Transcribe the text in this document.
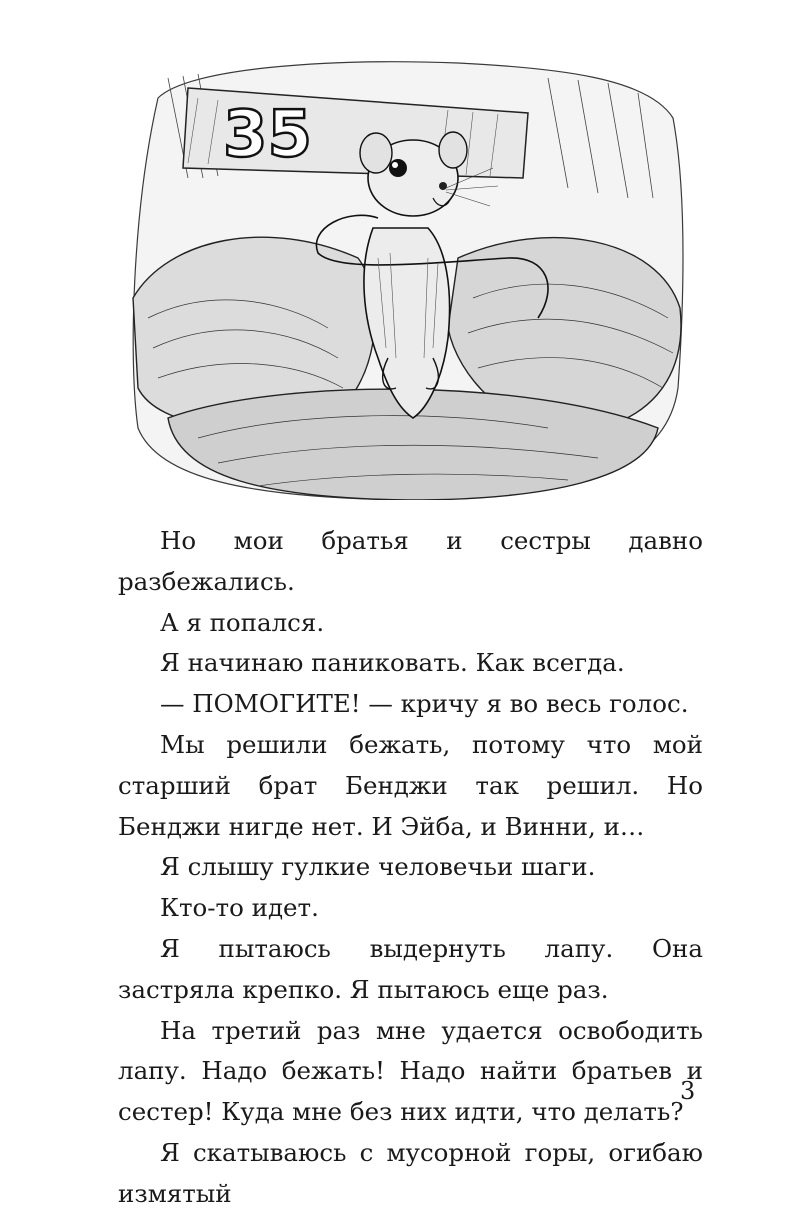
35

Но мои братья и сестры давно разбежались.

А я попался.

Я начинаю паниковать. Как всегда.

— ПОМОГИТЕ! — кричу я во весь голос.

Мы решили бежать, потому что мой старший брат Бенджи так решил. Но Бенджи нигде нет. И Эйба, и Винни, и…

Я слышу гулкие человечьи шаги.

Кто-то идет.

Я пытаюсь выдернуть лапу. Она застряла крепко. Я пытаюсь еще раз.

На третий раз мне удается освободить лапу. Надо бежать! Надо найти братьев и сестер! Куда мне без них идти, что делать?

Я скатываюсь с мусорной горы, огибаю измятый

3
